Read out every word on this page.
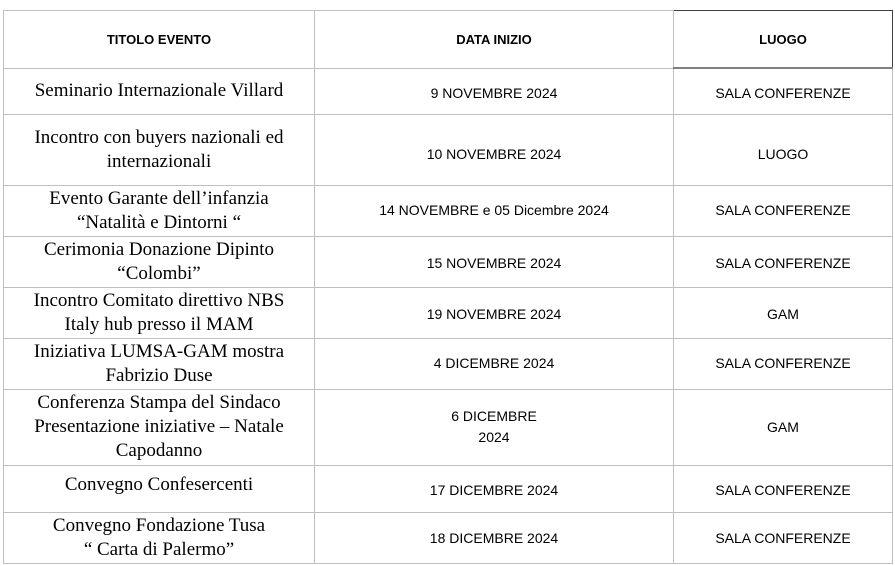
TITOLO EVENTO	DATA INIZIO	LUOGO
Seminario Internazionale Villard	9 NOVEMBRE 2024	SALA CONFERENZE
Incontro con buyers nazionali ed
internazionali	10 NOVEMBRE 2024	LUOGO
Evento Garante dell’infanzia
“Natalità e Dintorni “	14 NOVEMBRE e 05 Dicembre 2024	SALA CONFERENZE
Cerimonia Donazione Dipinto
“Colombi”	15 NOVEMBRE 2024	SALA CONFERENZE
Incontro Comitato direttivo NBS
Italy hub presso il MAM	19 NOVEMBRE 2024	GAM
Iniziativa LUMSA-GAM mostra
Fabrizio Duse	4 DICEMBRE 2024	SALA CONFERENZE
Conferenza Stampa del Sindaco
Presentazione iniziative – Natale
Capodanno	6 DICEMBRE
2024	GAM
Convegno Confesercenti	17 DICEMBRE 2024	SALA CONFERENZE
Convegno Fondazione Tusa
“ Carta di Palermo”	18 DICEMBRE 2024	SALA CONFERENZE
